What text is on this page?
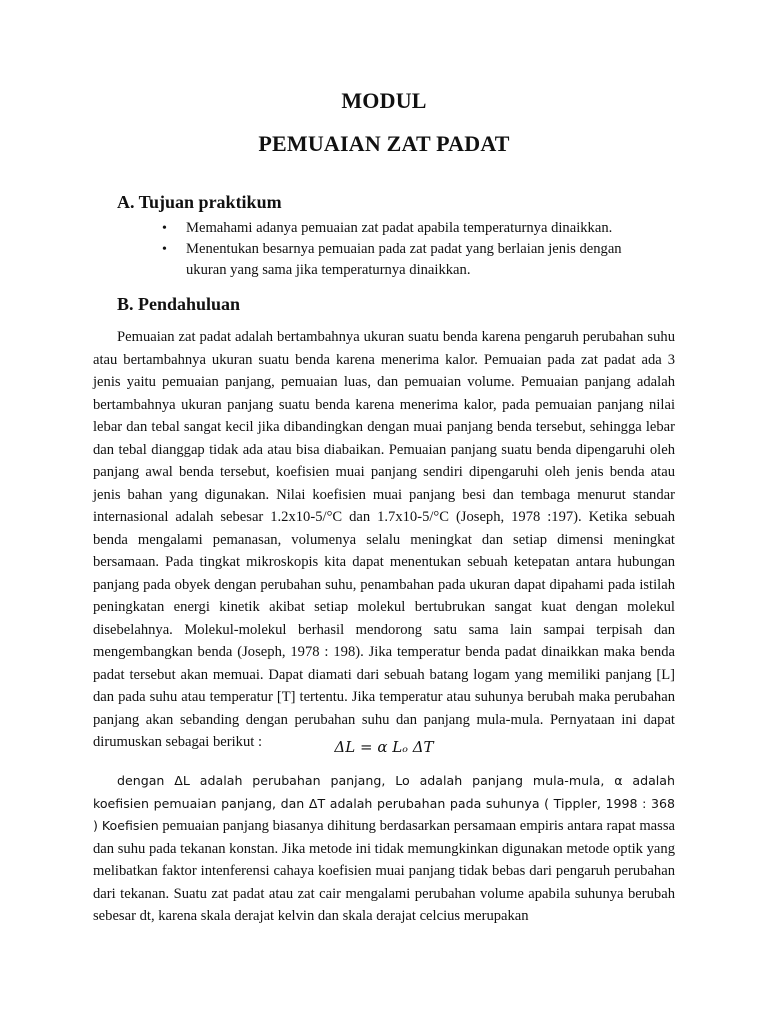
MODUL
PEMUAIAN ZAT PADAT
A. Tujuan praktikum
• Memahami adanya pemuaian zat padat apabila temperaturnya dinaikkan.
• Menentukan besarnya pemuaian pada zat padat yang berlaian jenis dengan ukuran yang sama jika temperaturnya dinaikkan.
B. Pendahuluan

Pemuaian zat padat adalah bertambahnya ukuran suatu benda karena pengaruh perubahan suhu atau bertambahnya ukuran suatu benda karena menerima kalor. Pemuaian pada zat padat ada 3 jenis yaitu pemuaian panjang, pemuaian luas, dan pemuaian volume. Pemuaian panjang adalah bertambahnya ukuran panjang suatu benda karena menerima kalor, pada pemuaian panjang nilai lebar dan tebal sangat kecil jika dibandingkan dengan muai panjang benda tersebut, sehingga lebar dan tebal dianggap tidak ada atau bisa diabaikan. Pemuaian panjang suatu benda dipengaruhi oleh panjang awal benda tersebut, koefisien muai panjang sendiri dipengaruhi oleh jenis benda atau jenis bahan yang digunakan. Nilai koefisien muai panjang besi dan tembaga menurut standar internasional adalah sebesar 1.2x10-5/°C dan 1.7x10-5/°C (Joseph, 1978 :197). Ketika sebuah benda mengalami pemanasan, volumenya selalu meningkat dan setiap dimensi meningkat bersamaan. Pada tingkat mikroskopis kita dapat menentukan sebuah ketepatan antara hubungan panjang pada obyek dengan perubahan suhu, penambahan pada ukuran dapat dipahami pada istilah peningkatan energi kinetik akibat setiap molekul bertubrukan sangat kuat dengan molekul disebelahnya. Molekul-molekul berhasil mendorong satu sama lain sampai terpisah dan mengembangkan benda (Joseph, 1978 : 198). Jika temperatur benda padat dinaikkan maka benda padat tersebut akan memuai. Dapat diamati dari sebuah batang logam yang memiliki panjang [L] dan pada suhu atau temperatur [T] tertentu. Jika temperatur atau suhunya berubah maka perubahan panjang akan sebanding dengan perubahan suhu dan panjang mula-mula. Pernyataan ini dapat dirumuskan sebagai berikut :	ΔL = α Lₒ ΔT

dengan ΔL adalah perubahan panjang, Lo adalah panjang mula-mula, α adalah koefisien pemuaian panjang, dan ΔT adalah perubahan pada suhunya ( Tippler, 1998 : 368 ) Koefisien pemuaian panjang biasanya dihitung berdasarkan persamaan empiris antara rapat massa dan suhu pada tekanan konstan. Jika metode ini tidak memungkinkan digunakan metode optik yang melibatkan faktor intenferensi cahaya koefisien muai panjang tidak bebas dari pengaruh perubahan dari tekanan. Suatu zat padat atau zat cair mengalami perubahan volume apabila suhunya berubah sebesar dt, karena skala derajat kelvin dan skala derajat celcius merupakan
